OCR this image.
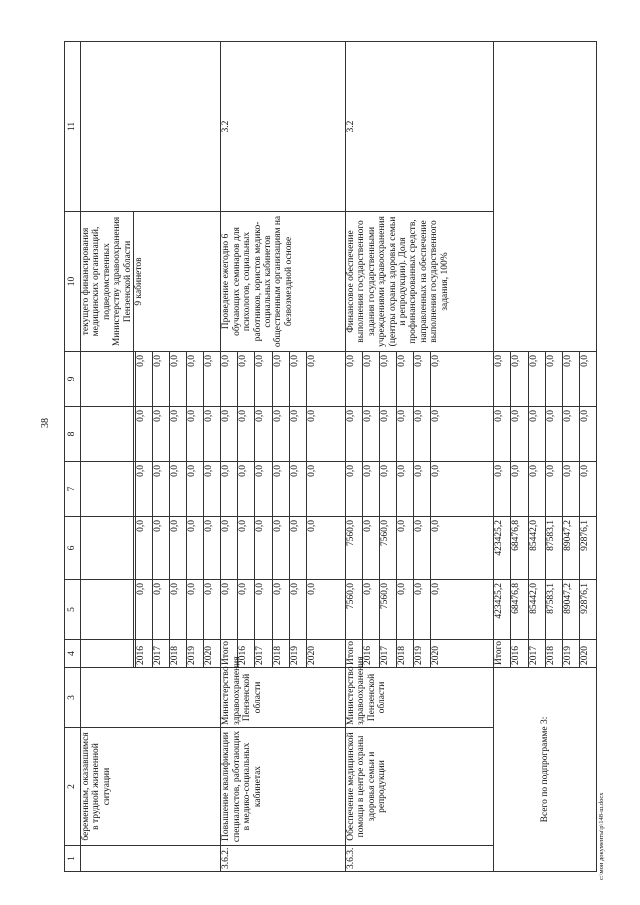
38
c:\мои документы\р\148-ш.docx
1	2	3	4	5	6	7	8	9	10	11
	беременным, оказавшимся в трудной жизненной ситуации								текущего финансирования медицинских организаций, подведомственных Министерству здравоохранения Пензенской области	
									9 кабинетов	
			2016	0,0	0,0	0,0	0,0	0,0		
			2017	0,0	0,0	0,0	0,0	0,0		
			2018	0,0	0,0	0,0	0,0	0,0		
			2019	0,0	0,0	0,0	0,0	0,0		
			2020	0,0	0,0	0,0	0,0	0,0		
3.6.2.	Повышение квалификации специалистов, работающих в медико-социальных кабинетах	Министерство здравоохранения Пензенской области	Итого	0,0	0,0	0,0	0,0	0,0	Проведение ежегодно 6 обучающих семинаров для психологов, социальных работников, юристов медико-социальных кабинетов общественным организациям на безвозмездной основе	3.2
			2016	0,0	0,0	0,0	0,0	0,0		
			2017	0,0	0,0	0,0	0,0	0,0		
			2018	0,0	0,0	0,0	0,0	0,0		
			2019	0,0	0,0	0,0	0,0	0,0		
			2020	0,0	0,0	0,0	0,0	0,0		
3.6.3.	Обеспечение медицинской помощи в центре охраны здоровья семьи и репродукции	Министерство здравоохранения Пензенской области	Итого	7560,0	7560,0	0,0	0,0	0,0	Финансовое обеспечение выполнения государственного задания государственными учреждениями здравоохранения (центры охраны здоровья семьи и репродукции). Доля профинансированных средств, направленных на обеспечение выполнения государственного задания, 100%	3.2
			2016	0,0	0,0	0,0	0,0	0,0		
			2017	7560,0	7560,0	0,0	0,0	0,0		
			2018	0,0	0,0	0,0	0,0	0,0		
			2019	0,0	0,0	0,0	0,0	0,0		
			2020	0,0	0,0	0,0	0,0	0,0		
Всего по подпрограмме 3:			Итого	423425,2	423425,2	0,0	0,0	0,0		
			2016	68476,8	68476,8	0,0	0,0	0,0		
			2017	85442,0	85442,0	0,0	0,0	0,0		
			2018	87583,1	87583,1	0,0	0,0	0,0		
			2019	89047,2	89047,2	0,0	0,0	0,0		
			2020	92876,1	92876,1	0,0	0,0	0,0		
